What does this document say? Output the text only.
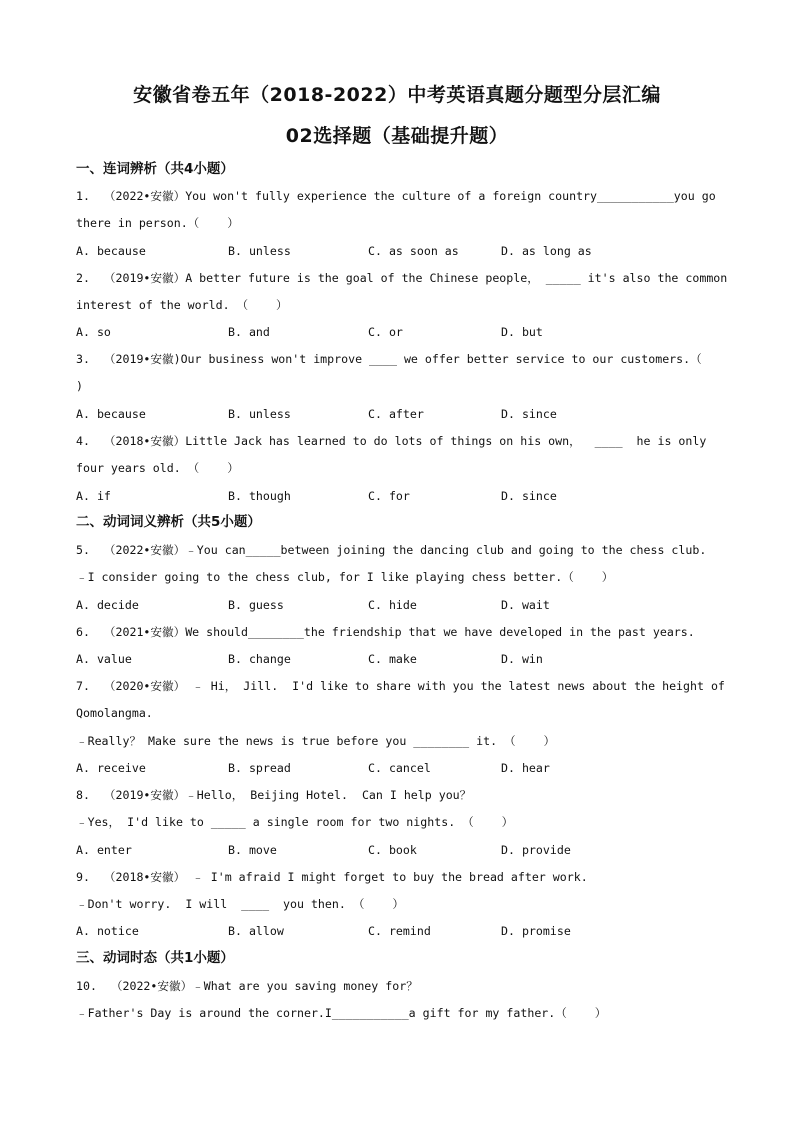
安徽省卷五年（2018-2022）中考英语真题分题型分层汇编
02选择题（基础提升题）
一、连词辨析（共4小题）
1.  （2022•安徽）You won't fully experience the culture of a foreign country___________you go
there in person.（    ）
A. because	B. unless	C. as soon as	D. as long as
2.  （2019•安徽）A better future is the goal of the Chinese people， _____ it's also the common
interest of the world. （    ）
A. so	B. and	C. or	D. but
3.  （2019•安徽)Our business won't improve ____ we offer better service to our customers.（
)
A. because	B. unless	C. after	D. since
4.  （2018•安徽）Little Jack has learned to do lots of things on his own，  ____  he is only
four years old. （    ）
A. if	B. though	C. for	D. since
二、动词词义辨析（共5小题）
5.  （2022•安徽）﹣You can_____between joining the dancing club and going to the chess club.
﹣I consider going to the chess club, for I like playing chess better.（    ）
A. decide	B. guess	C. hide	D. wait
6.  （2021•安徽）We should________the friendship that we have developed in the past years.
A. value	B. change	C. make	D. win
7.  （2020•安徽） ﹣ Hi， Jill.  I'd like to share with you the latest news about the height of
Qomolangma.
﹣Really？ Make sure the news is true before you ________ it. （    ）
A. receive	B. spread	C. cancel	D. hear
8.  （2019•安徽）﹣Hello， Beijing Hotel.  Can I help you？
﹣Yes， I'd like to _____ a single room for two nights. （    ）
A. enter	B. move	C. book	D. provide
9.  （2018•安徽） ﹣ I'm afraid I might forget to buy the bread after work.
﹣Don't worry.  I will  ____  you then. （    ）
A. notice	B. allow	C. remind	D. promise
三、动词时态（共1小题）
10.  （2022•安徽）﹣What are you saving money for？
﹣Father's Day is around the corner.I___________a gift for my father.（    ）
